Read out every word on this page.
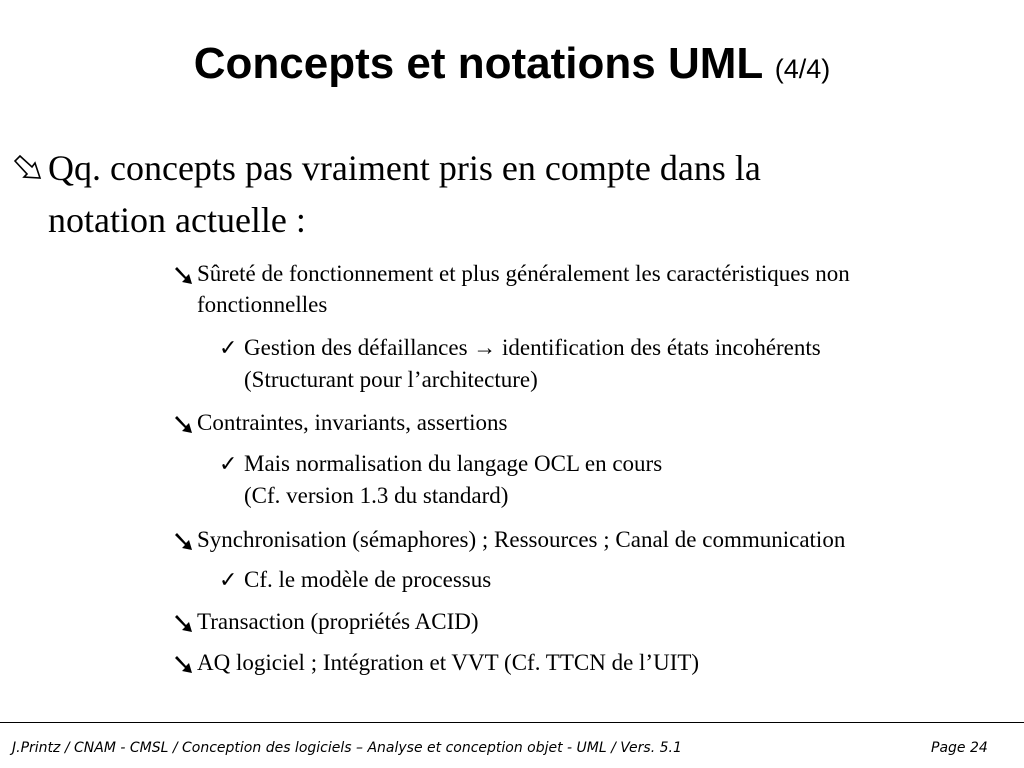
Concepts et notations UML (4/4)
Qq. concepts pas vraiment pris en compte dans la
notation actuelle :
Sûreté de fonctionnement et plus généralement les caractéristiques non
fonctionnelles
✓ Gestion des défaillances → identification des états incohérents
(Structurant pour l’architecture)
Contraintes, invariants, assertions
✓ Mais normalisation du langage OCL en cours
(Cf. version 1.3 du standard)
Synchronisation (sémaphores) ; Ressources ; Canal de communication
✓ Cf. le modèle de processus
Transaction (propriétés ACID)
AQ logiciel ; Intégration et VVT (Cf. TTCN de l’UIT)
J.Printz / CNAM - CMSL / Conception des logiciels – Analyse et conception objet - UML / Vers. 5.1	Page 24
